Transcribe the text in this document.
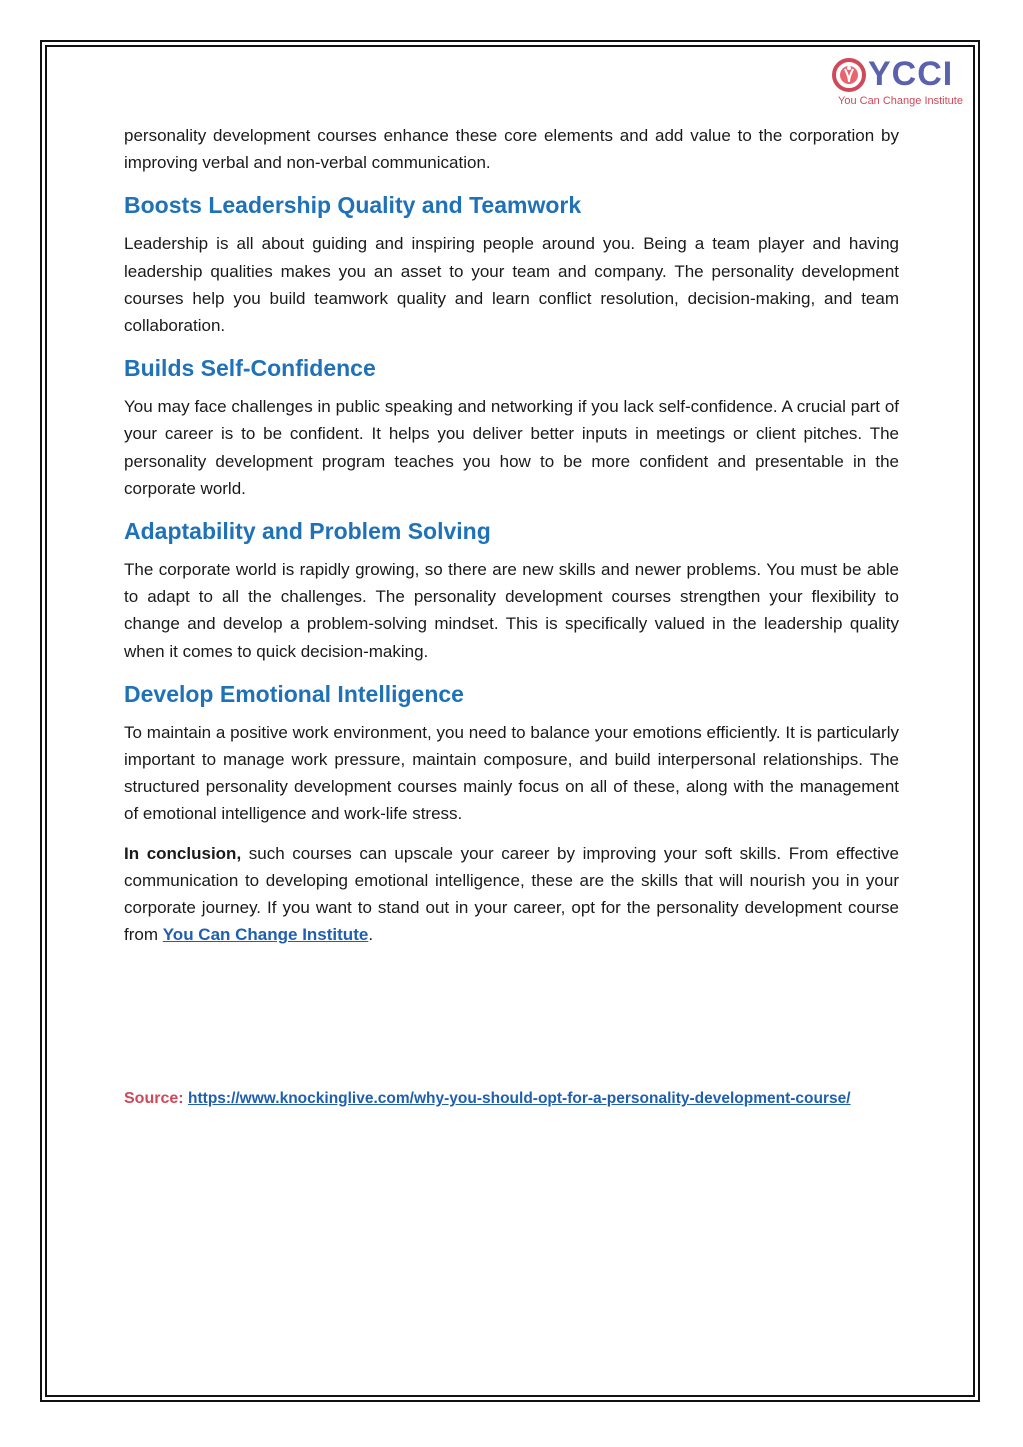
YCCI
You Can Change Institute

personality development courses enhance these core elements and add value to the corporation by improving verbal and non-verbal communication.

Boosts Leadership Quality and Teamwork

Leadership is all about guiding and inspiring people around you. Being a team player and having leadership qualities makes you an asset to your team and company. The personality development courses help you build teamwork quality and learn conflict resolution, decision-making, and team collaboration.

Builds Self-Confidence

You may face challenges in public speaking and networking if you lack self-confidence. A crucial part of your career is to be confident. It helps you deliver better inputs in meetings or client pitches. The personality development program teaches you how to be more confident and presentable in the corporate world.

Adaptability and Problem Solving

The corporate world is rapidly growing, so there are new skills and newer problems. You must be able to adapt to all the challenges. The personality development courses strengthen your flexibility to change and develop a problem-solving mindset. This is specifically valued in the leadership quality when it comes to quick decision-making.

Develop Emotional Intelligence

To maintain a positive work environment, you need to balance your emotions efficiently. It is particularly important to manage work pressure, maintain composure, and build interpersonal relationships. The structured personality development courses mainly focus on all of these, along with the management of emotional intelligence and work-life stress.

In conclusion, such courses can upscale your career by improving your soft skills. From effective communication to developing emotional intelligence, these are the skills that will nourish you in your corporate journey. If you want to stand out in your career, opt for the personality development course from You Can Change Institute.

Source: https://www.knockinglive.com/why-you-should-opt-for-a-personality-development-course/
